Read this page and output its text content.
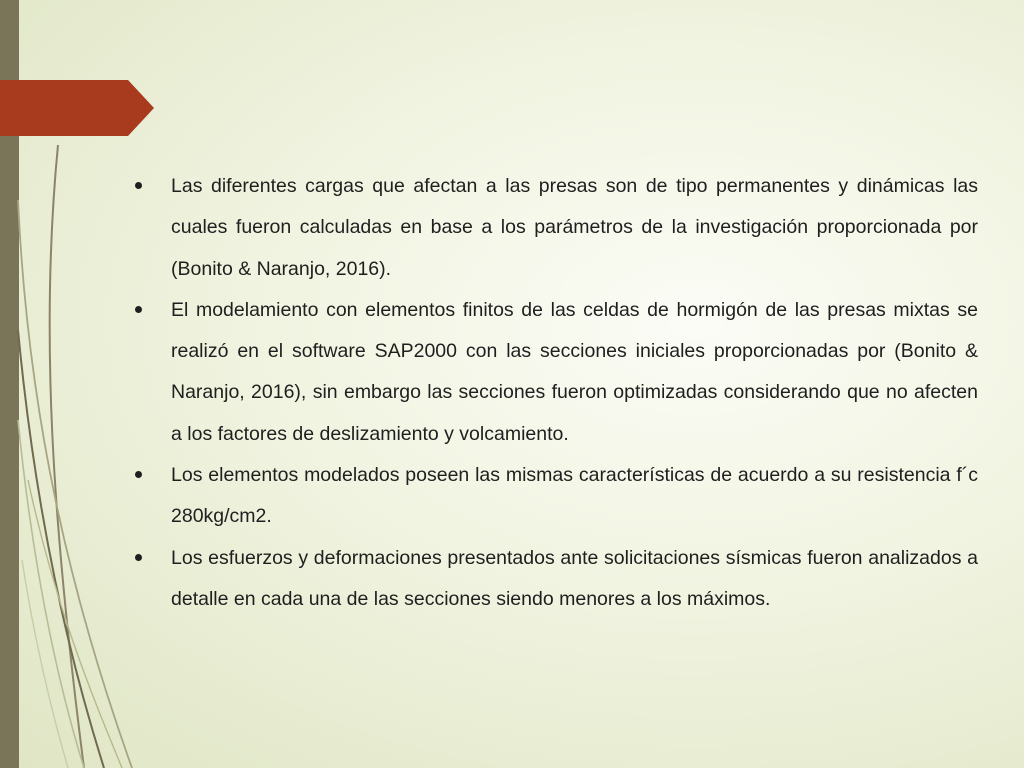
Las diferentes cargas que afectan a las presas son de tipo permanentes y dinámicas las cuales fueron calculadas en base a los parámetros de la investigación proporcionada por (Bonito & Naranjo, 2016).
El modelamiento con elementos finitos de las celdas de hormigón de las presas mixtas se realizó en el software SAP2000 con las secciones iniciales proporcionadas por (Bonito & Naranjo, 2016), sin embargo las secciones fueron optimizadas considerando que no afecten a los factores de deslizamiento y volcamiento.
Los elementos modelados poseen las mismas características de acuerdo a su resistencia f´c 280kg/cm2.
Los esfuerzos y deformaciones presentados ante solicitaciones sísmicas fueron analizados a detalle en cada una de las secciones siendo menores a los máximos.
